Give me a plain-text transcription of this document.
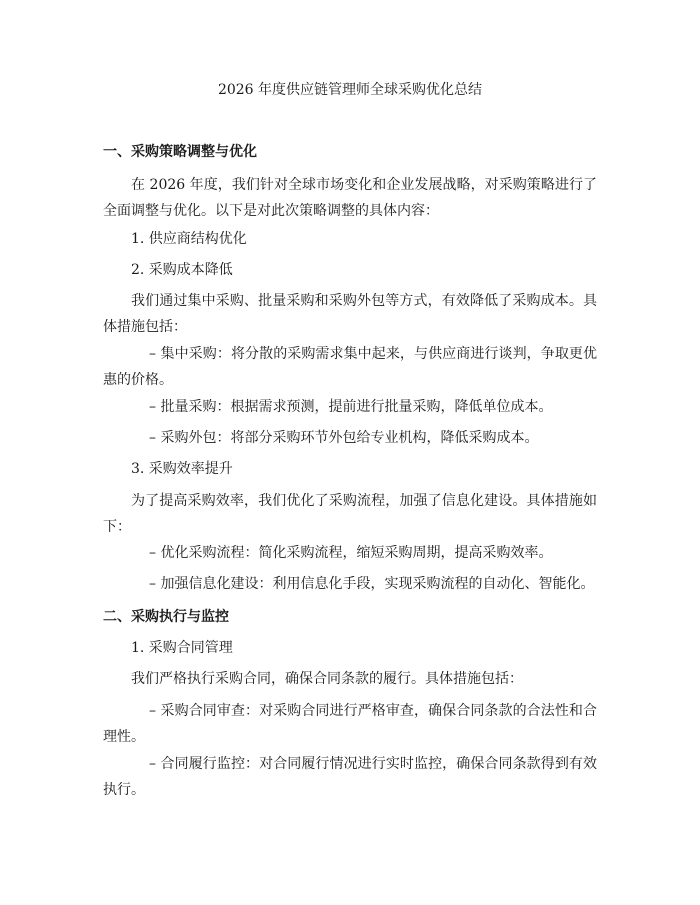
2026 年度供应链管理师全球采购优化总结
一、采购策略调整与优化

在 2026 年度，我们针对全球市场变化和企业发展战略，对采购策略进行了全面调整与优化。以下是对此次策略调整的具体内容：

1. 供应商结构优化

2. 采购成本降低

我们通过集中采购、批量采购和采购外包等方式，有效降低了采购成本。具体措施包括：

– 集中采购：将分散的采购需求集中起来，与供应商进行谈判，争取更优惠的价格。

– 批量采购：根据需求预测，提前进行批量采购，降低单位成本。

– 采购外包：将部分采购环节外包给专业机构，降低采购成本。

3. 采购效率提升

为了提高采购效率，我们优化了采购流程，加强了信息化建设。具体措施如下：

– 优化采购流程：简化采购流程，缩短采购周期，提高采购效率。

– 加强信息化建设：利用信息化手段，实现采购流程的自动化、智能化。

二、采购执行与监控

1. 采购合同管理

我们严格执行采购合同，确保合同条款的履行。具体措施包括：

– 采购合同审查：对采购合同进行严格审查，确保合同条款的合法性和合理性。

– 合同履行监控：对合同履行情况进行实时监控，确保合同条款得到有效执行。
